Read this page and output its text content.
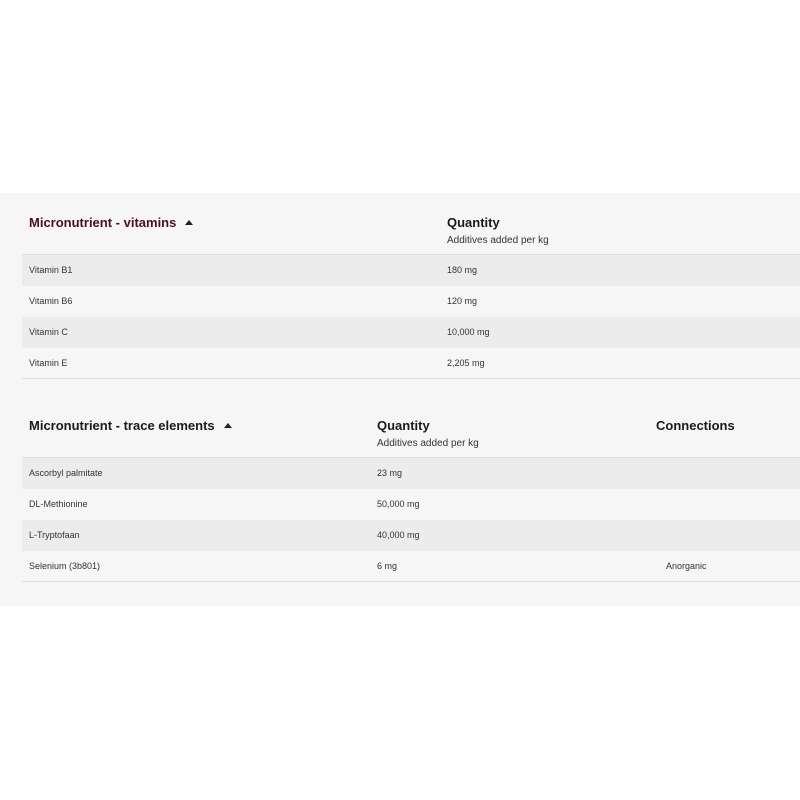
Micronutrient - vitamins	Quantity
Additives added per kg
Vitamin B1	180 mg
Vitamin B6	120 mg
Vitamin C	10,000 mg
Vitamin E	2,205 mg
Micronutrient - trace elements	Quantity
Additives added per kg
Connections
Ascorbyl palmitate	23 mg
DL-Methionine	50,000 mg
L-Tryptofaan	40,000 mg
Selenium (3b801)	6 mg	Anorganic
